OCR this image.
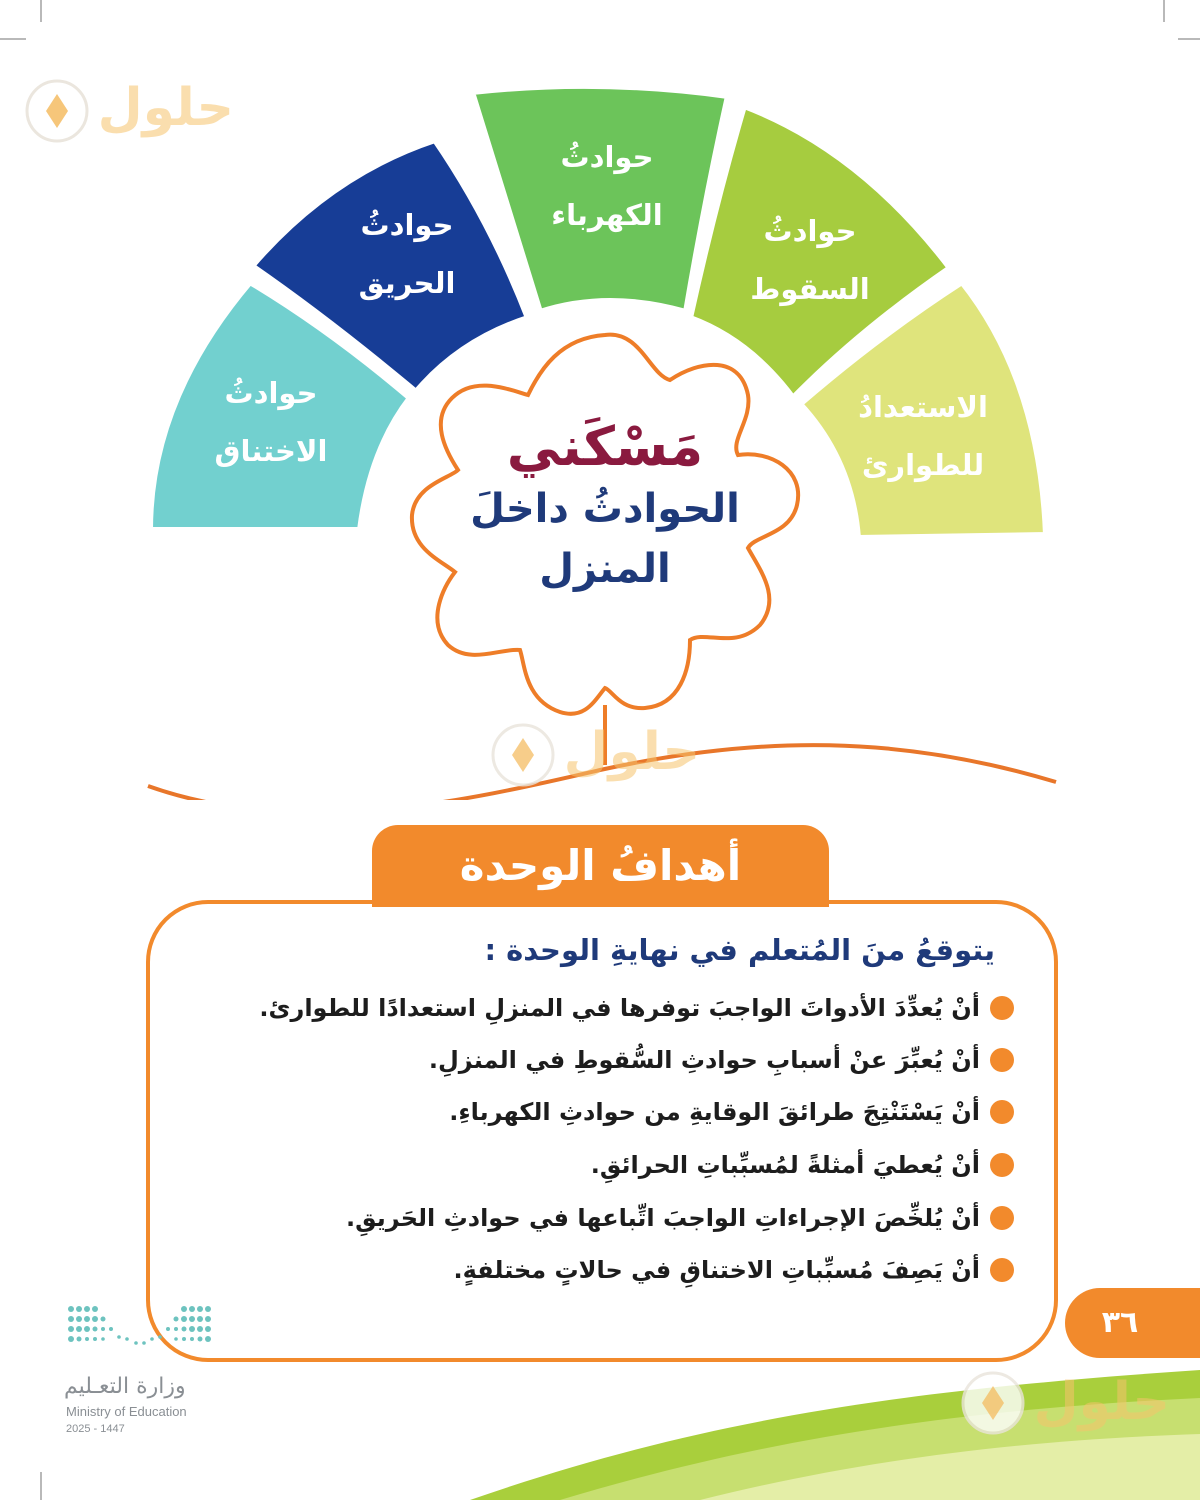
حوادثُ
الاختناق
حوادثُ
الحريق
حوادثُ
الكهرباء	حوادثُ
السقوط
الاستعدادُ
للطوارئ
مَسْكَني
الحوادثُ داخلَ
المنزل
أهدافُ الوحدة
يتوقعُ منَ المُتعلم في نهايةِ الوحدة :
أنْ يُعدِّدَ الأدواتَ الواجبَ توفرها في المنزلِ استعدادًا للطوارئ.
أنْ يُعبِّرَ عنْ أسبابِ حوادثِ السُّقوطِ في المنزلِ.
أنْ يَسْتَنْتِجَ طرائقَ الوقايةِ من حوادثِ الكهرباءِ.
أنْ يُعطيَ أمثلةً لمُسبِّباتِ الحرائقِ.
أنْ يُلخِّصَ الإجراءاتِ الواجبَ اتِّباعها في حوادثِ الحَريقِ.
أنْ يَصِفَ مُسبِّباتِ الاختناقِ في حالاتٍ مختلفةٍ.
٣٦
وزارة التعـليم
Ministry of Education
2025 - 1447
حلول
حلول
حلول
